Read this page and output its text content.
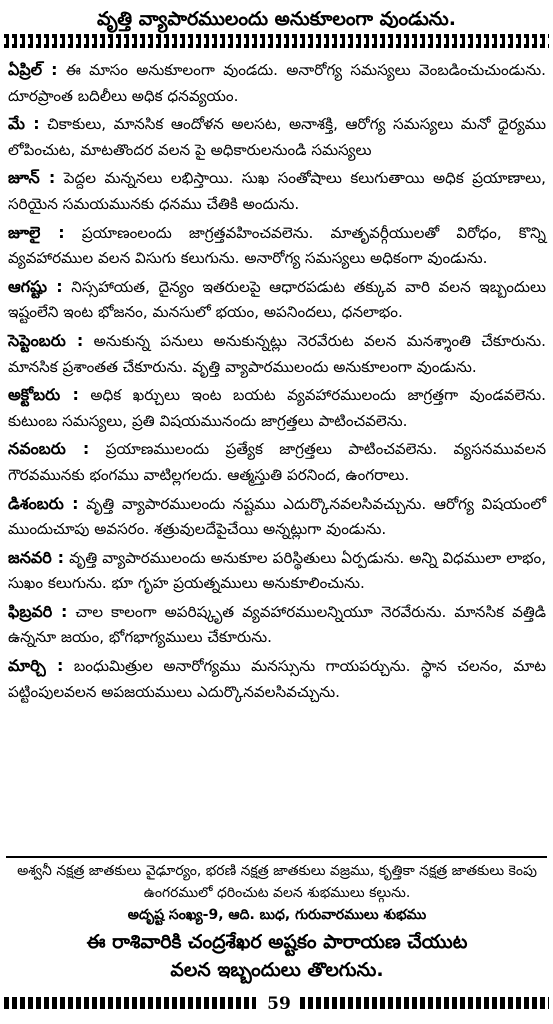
వృత్తి వ్యాపారములందు అనుకూలంగా వుండును.

ఏప్రిల్ : ఈ మాసం అనుకూలంగా వుండదు. అనారోగ్య సమస్యలు వెంబడించుచుండును. దూరప్రాంత బదిలీలు అధిక ధనవ్యయం.

మే : చికాకులు, మానసిక ఆందోళన అలసట, అనాశక్తి, ఆరోగ్య సమస్యలు మనో ధైర్యము లోపించుట, మాటతొందర వలన పై అధికారులనుండి సమస్యలు

జూన్ : పెద్దల మన్ననలు లభిస్తాయి. సుఖ సంతోషాలు కలుగుతాయి అధిక ప్రయాణాలు, సరియైన సమయమునకు ధనము చేతికి అందును.

జూలై : ప్రయాణంలందు జాగ్రత్తవహించవలెను. మాతృవర్గీయులతో విరోధం, కొన్ని వ్యవహారముల వలన విసుగు కలుగును. అనారోగ్య సమస్యలు అధికంగా వుండును.

ఆగష్టు : నిస్సహాయత, దైన్యం ఇతరులపై ఆధారపడుట తక్కువ వారి వలన ఇబ్బందులు ఇష్టంలేని ఇంట భోజనం, మనసులో భయం, అపనిందలు, ధనలాభం.

సెప్టెంబరు : అనుకున్న పనులు అనుకున్నట్లు నెరవేరుట వలన మనశ్శాంతి చేకూరును. మానసిక ప్రశాంతత చేకూరును. వృత్తి వ్యాపారములందు అనుకూలంగా వుండును.

అక్టోబరు : అధిక ఖర్చులు ఇంట బయట వ్యవహారములందు జాగ్రత్తగా వుండవలెను. కుటుంబ సమస్యలు, ప్రతి విషయమునందు జాగ్రత్తలు పాటించవలెను.

నవంబరు : ప్రయాణములందు ప్రత్యేక జాగ్రత్తలు పాటించవలెను. వ్యసనమువలన గౌరవమునకు భంగము వాటిల్లగలదు. ఆత్మస్తుతి పరనింద, ఉంగరాలు.

డిశంబరు : వృత్తి వ్యాపారములందు నష్టము ఎదుర్కొనవలసివచ్చును. ఆరోగ్య విషయంలో ముందుచూపు అవసరం. శత్రువులదేపైచేయి అన్నట్లుగా వుండును.

జనవరి : వృత్తి వ్యాపారములందు అనుకూల పరిస్థితులు ఏర్పడును. అన్ని విధములా లాభం, సుఖం కలుగును. భూ గృహ ప్రయత్నములు అనుకూలించును.

ఫిబ్రవరి : చాల కాలంగా అపరిష్కృత వ్యవహారములన్నియూ నెరవేరును. మానసిక వత్తిడి ఉన్ననూ జయం, భోగభాగ్యములు చేకూరును.

మార్చి : బంధుమిత్రుల అనారోగ్యము మనస్సును గాయపర్చును. స్థాన చలనం, మాట పట్టింపులవలన అపజయములు ఎదుర్కొనవలసివచ్చును.

అశ్వనీ నక్షత్ర జాతకులు వైఢూర్యం, భరణి నక్షత్ర జాతకులు వజ్రము, కృత్తికా నక్షత్ర జాతకులు కెంపు ఉంగరములో ధరించుట వలన శుభములు కల్గును.

అదృష్ట సంఖ్య-9, ఆది. బుధ, గురువారములు శుభము

ఈ రాశివారికి చంద్రశేఖర అష్టకం పారాయణ చేయుట

వలన ఇబ్బందులు తొలగును.

59
